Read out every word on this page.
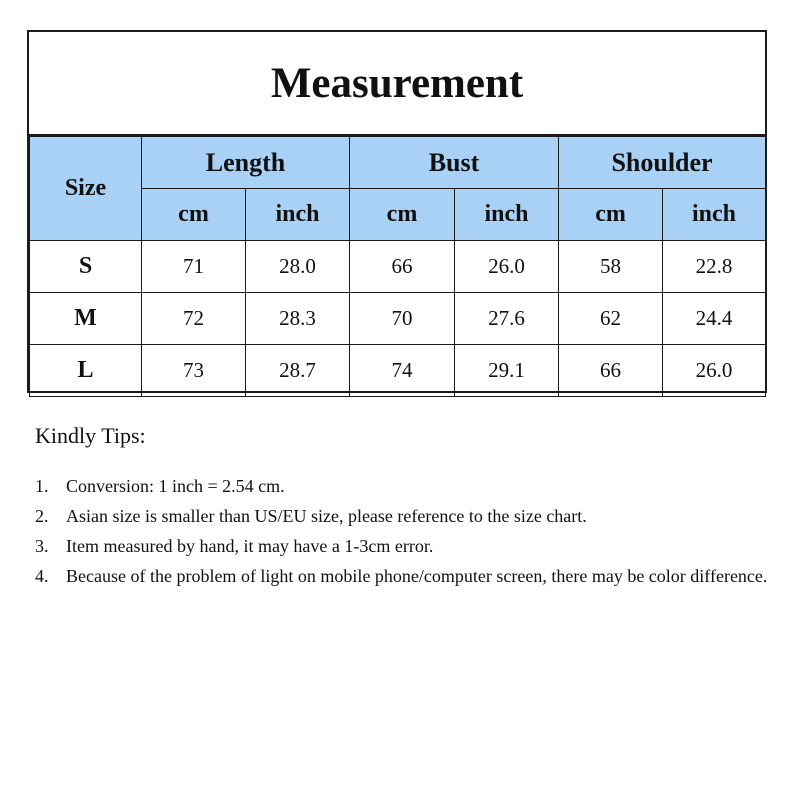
Measurement
Size	Length		Bust		Shoulder	
	cm	inch	cm	inch	cm	inch
S	71	28.0	66	26.0	58	22.8
M	72	28.3	70	27.6	62	24.4
L	73	28.7	74	29.1	66	26.0
Kindly Tips:
1. Conversion: 1 inch = 2.54 cm.
2. Asian size is smaller than US/EU size, please reference to the size chart.
3. Item measured by hand, it may have a 1-3cm error.
4. Because of the problem of light on mobile phone/computer screen, there may be color difference.
